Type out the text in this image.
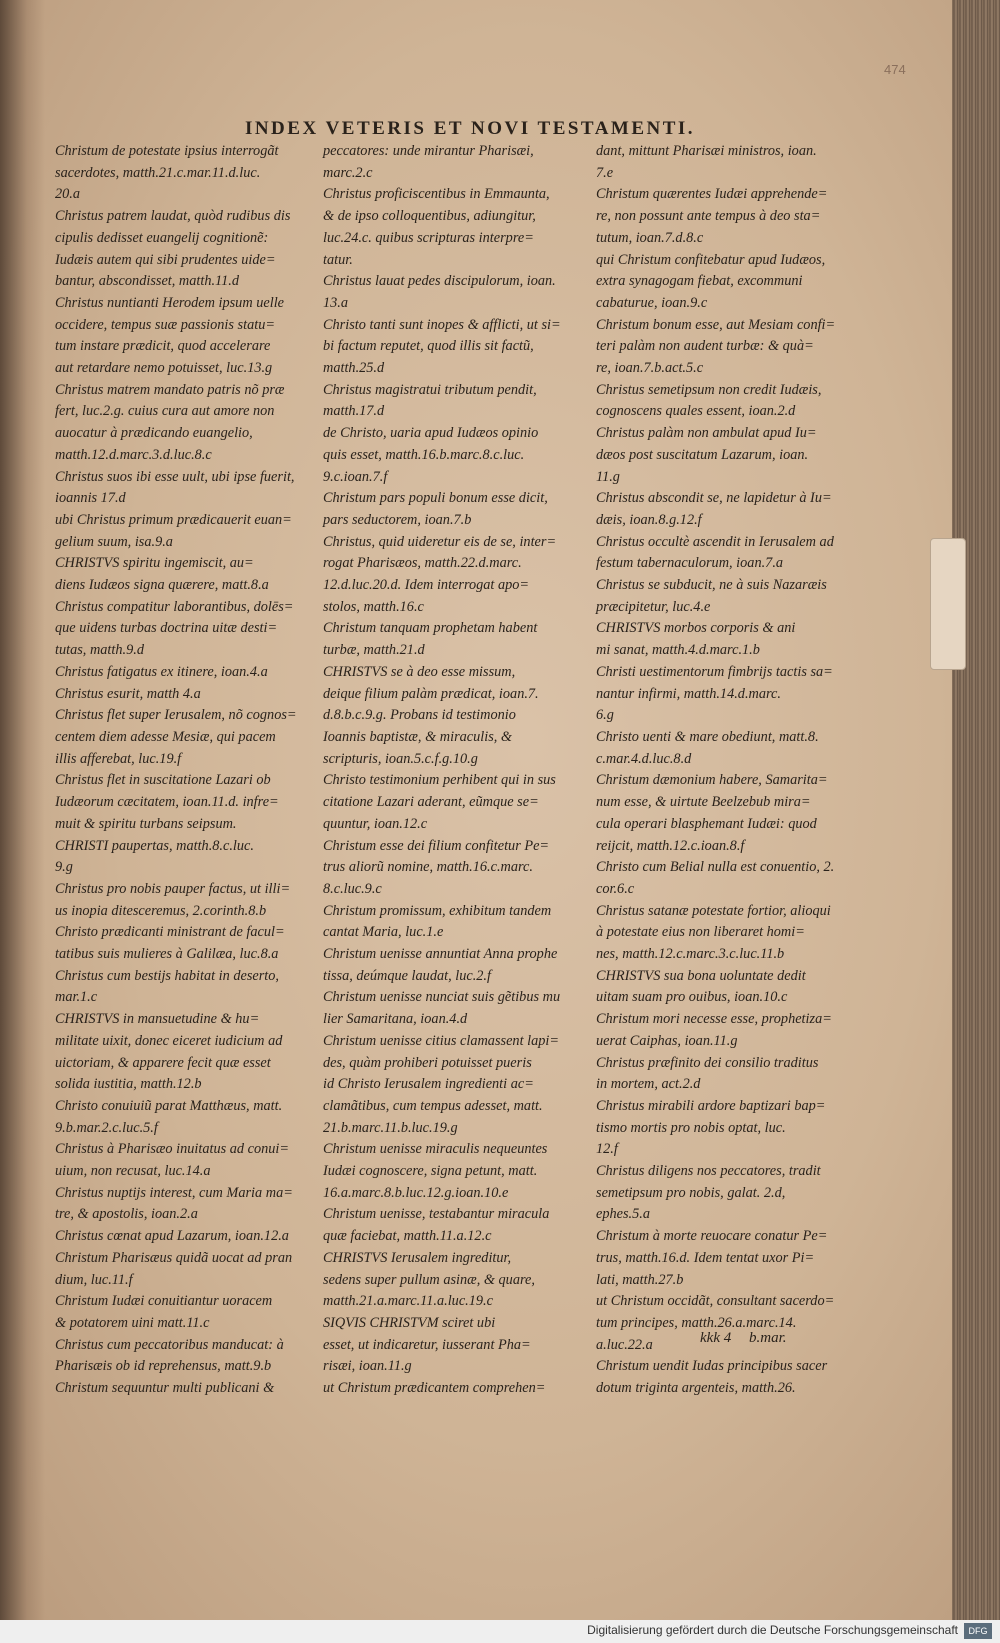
474
INDEX VETERIS ET NOVI TESTAMENTI.
Christum de potestate ipsius interrogãt
sacerdotes, matth.21.c.mar.11.d.luc.
20.a
Christus patrem laudat, quòd rudibus dis
cipulis dedisset euangelij cognitionẽ:
Iudæis autem qui sibi prudentes uide=
bantur, abscondisset, matth.11.d
Christus nuntianti Herodem ipsum uelle
occidere, tempus suæ passionis statu=
tum instare prædicit, quod accelerare
aut retardare nemo potuisset, luc.13.g
Christus matrem mandato patris nõ præ
fert, luc.2.g. cuius cura aut amore non
auocatur à prædicando euangelio,
matth.12.d.marc.3.d.luc.8.c
Christus suos ibi esse uult, ubi ipse fuerit,
ioannis 17.d
ubi Christus primum prædicauerit euan=
gelium suum, isa.9.a
CHRISTVS spiritu ingemiscit, au=
diens Iudæos signa quærere, matt.8.a
Christus compatitur laborantibus, dolēs=
que uidens turbas doctrina uitæ desti=
tutas, matth.9.d
Christus fatigatus ex itinere, ioan.4.a
Christus esurit, matth 4.a
Christus flet super Ierusalem, nõ cognos=
centem diem adesse Mesiæ, qui pacem
illis afferebat, luc.19.f
Christus flet in suscitatione Lazari ob
Iudæorum cæcitatem, ioan.11.d. infre=
muit & spiritu turbans seipsum.
CHRISTI paupertas, matth.8.c.luc.
9.g
Christus pro nobis pauper factus, ut illi=
us inopia ditesceremus, 2.corinth.8.b
Christo prædicanti ministrant de facul=
tatibus suis mulieres à Galilæa, luc.8.a
Christus cum bestijs habitat in deserto,
mar.1.c
CHRISTVS in mansuetudine & hu=
militate uixit, donec eiceret iudicium ad
uictoriam, & apparere fecit quæ esset
solida iustitia, matth.12.b
Christo conuiuiũ parat Matthæus, matt.
9.b.mar.2.c.luc.5.f
Christus à Pharisæo inuitatus ad conui=
uium, non recusat, luc.14.a
Christus nuptijs interest, cum Maria ma=
tre, & apostolis, ioan.2.a
Christus cœnat apud Lazarum, ioan.12.a
Christum Pharisæus quidã uocat ad pran
dium, luc.11.f
Christum Iudæi conuitiantur uoracem
& potatorem uini matt.11.c
Christus cum peccatoribus manducat: à
Pharisæis ob id reprehensus, matt.9.b
Christum sequuntur multi publicani &
peccatores: unde mirantur Pharisæi,
marc.2.c
Christus proficiscentibus in Emmaunta,
& de ipso colloquentibus, adiungitur,
luc.24.c. quibus scripturas interpre=
tatur.
Christus lauat pedes discipulorum, ioan.
13.a
Christo tanti sunt inopes & afflicti, ut si=
bi factum reputet, quod illis sit factũ,
matth.25.d
Christus magistratui tributum pendit,
matth.17.d
de Christo, uaria apud Iudæos opinio
quis esset, matth.16.b.marc.8.c.luc.
9.c.ioan.7.f
Christum pars populi bonum esse dicit,
pars seductorem, ioan.7.b
Christus, quid uideretur eis de se, inter=
rogat Pharisæos, matth.22.d.marc.
12.d.luc.20.d. Idem interrogat apo=
stolos, matth.16.c
Christum tanquam prophetam habent
turbæ, matth.21.d
CHRISTVS se à deo esse missum,
deique filium palàm prædicat, ioan.7.
d.8.b.c.9.g. Probans id testimonio
Ioannis baptistæ, & miraculis, &
scripturis, ioan.5.c.f.g.10.g
Christo testimonium perhibent qui in sus
citatione Lazari aderant, eũmque se=
quuntur, ioan.12.c
Christum esse dei filium confitetur Pe=
trus aliorũ nomine, matth.16.c.marc.
8.c.luc.9.c
Christum promissum, exhibitum tandem
cantat Maria, luc.1.e
Christum uenisse annuntiat Anna prophe
tissa, deúmque laudat, luc.2.f
Christum uenisse nunciat suis gẽtibus mu
lier Samaritana, ioan.4.d
Christum uenisse citius clamassent lapi=
des, quàm prohiberi potuisset pueris
id Christo Ierusalem ingredienti ac=
clamãtibus, cum tempus adesset, matt.
21.b.marc.11.b.luc.19.g
Christum uenisse miraculis nequeuntes
Iudæi cognoscere, signa petunt, matt.
16.a.marc.8.b.luc.12.g.ioan.10.e
Christum uenisse, testabantur miracula
quæ faciebat, matth.11.a.12.c
CHRISTVS Ierusalem ingreditur,
sedens super pullum asinæ, & quare,
matth.21.a.marc.11.a.luc.19.c
SIQVIS CHRISTVM sciret ubi
esset, ut indicaretur, iusserant Pha=
risæi, ioan.11.g
ut Christum prædicantem comprehen=
dant, mittunt Pharisæi ministros, ioan.
7.e
Christum quærentes Iudæi apprehende=
re, non possunt ante tempus à deo sta=
tutum, ioan.7.d.8.c
qui Christum confitebatur apud Iudæos,
extra synagogam fiebat, excommuni
cabaturue, ioan.9.c
Christum bonum esse, aut Mesiam confi=
teri palàm non audent turbæ: & quà=
re, ioan.7.b.act.5.c
Christus semetipsum non credit Iudæis,
cognoscens quales essent, ioan.2.d
Christus palàm non ambulat apud Iu=
dæos post suscitatum Lazarum, ioan.
11.g
Christus abscondit se, ne lapidetur à Iu=
dæis, ioan.8.g.12.f
Christus occultè ascendit in Ierusalem ad
festum tabernaculorum, ioan.7.a
Christus se subducit, ne à suis Nazaræis
præcipitetur, luc.4.e
CHRISTVS morbos corporis & ani
mi sanat, matth.4.d.marc.1.b
Christi uestimentorum fimbrijs tactis sa=
nantur infirmi, matth.14.d.marc.
6.g
Christo uenti & mare obediunt, matt.8.
c.mar.4.d.luc.8.d
Christum dæmonium habere, Samarita=
num esse, & uirtute Beelzebub mira=
cula operari blasphemant Iudæi: quod
reijcit, matth.12.c.ioan.8.f
Christo cum Belial nulla est conuentio, 2.
cor.6.c
Christus satanæ potestate fortior, alioqui
à potestate eius non liberaret homi=
nes, matth.12.c.marc.3.c.luc.11.b
CHRISTVS sua bona uoluntate dedit
uitam suam pro ouibus, ioan.10.c
Christum mori necesse esse, prophetiza=
uerat Caiphas, ioan.11.g
Christus præfinito dei consilio traditus
in mortem, act.2.d
Christus mirabili ardore baptizari bap=
tismo mortis pro nobis optat, luc.
12.f
Christus diligens nos peccatores, tradit
semetipsum pro nobis, galat. 2.d,
ephes.5.a
Christum à morte reuocare conatur Pe=
trus, matth.16.d. Idem tentat uxor Pi=
lati, matth.27.b
ut Christum occidãt, consultant sacerdo=
tum principes, matth.26.a.marc.14.
a.luc.22.a
Christum uendit Iudas principibus sacer
dotum triginta argenteis, matth.26.
kkk 4 b.mar.
Digitalisierung gefördert durch die Deutsche Forschungsgemeinschaft	DFG
